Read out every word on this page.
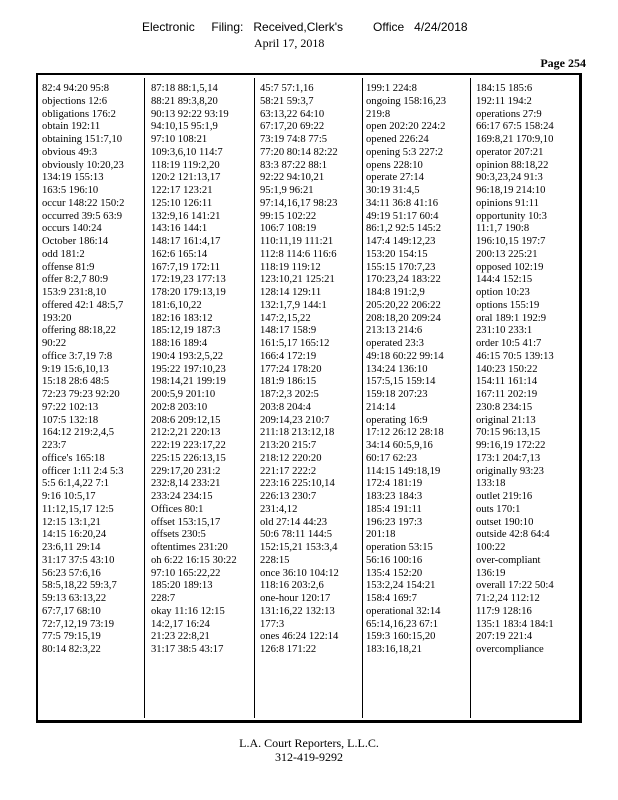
Electronic     Filing:   Received,Clerk's         Office   4/24/2018
April 17, 2018
Page 254
82:4 94:20 95:8
objections 12:6
obligations 176:2
obtain 192:11
obtaining 151:7,10
obvious 49:3
obviously 10:20,23
134:19 155:13
163:5 196:10
occur 148:22 150:2
occurred 39:5 63:9
occurs 140:24
October 186:14
odd 181:2
offense 81:9
offer 8:2,7 80:9
153:9 231:8,10
offered 42:1 48:5,7
193:20
offering 88:18,22
90:22
office 3:7,19 7:8
9:19 15:6,10,13
15:18 28:6 48:5
72:23 79:23 92:20
97:22 102:13
107:5 132:18
164:12 219:2,4,5
223:7
office's 165:18
officer 1:11 2:4 5:3
5:5 6:1,4,22 7:1
9:16 10:5,17
11:12,15,17 12:5
12:15 13:1,21
14:15 16:20,24
23:6,11 29:14
31:17 37:5 43:10
56:23 57:6,16
58:5,18,22 59:3,7
59:13 63:13,22
67:7,17 68:10
72:7,12,19 73:19
77:5 79:15,19
80:14 82:3,22
87:18 88:1,5,14
88:21 89:3,8,20
90:13 92:22 93:19
94:10,15 95:1,9
97:10 108:21
109:3,6,10 114:7
118:19 119:2,20
120:2 121:13,17
122:17 123:21
125:10 126:11
132:9,16 141:21
143:16 144:1
148:17 161:4,17
162:6 165:14
167:7,19 172:11
172:19,23 177:13
178:20 179:13,19
181:6,10,22
182:16 183:12
185:12,19 187:3
188:16 189:4
190:4 193:2,5,22
195:22 197:10,23
198:14,21 199:19
200:5,9 201:10
202:8 203:10
208:6 209:12,15
212:2,21 220:13
222:19 223:17,22
225:15 226:13,15
229:17,20 231:2
232:8,14 233:21
233:24 234:15
Offices 80:1
offset 153:15,17
offsets 230:5
oftentimes 231:20
oh 6:22 16:15 30:22
97:10 165:22,22
185:20 189:13
228:7
okay 11:16 12:15
14:2,17 16:24
21:23 22:8,21
31:17 38:5 43:17
45:7 57:1,16
58:21 59:3,7
63:13,22 64:10
67:17,20 69:22
73:19 74:8 77:5
77:20 80:14 82:22
83:3 87:22 88:1
92:22 94:10,21
95:1,9 96:21
97:14,16,17 98:23
99:15 102:22
106:7 108:19
110:11,19 111:21
112:8 114:6 116:6
118:19 119:12
123:10,21 125:21
128:14 129:11
132:1,7,9 144:1
147:2,15,22
148:17 158:9
161:5,17 165:12
166:4 172:19
177:24 178:20
181:9 186:15
187:2,3 202:5
203:8 204:4
209:14,23 210:7
211:18 213:12,18
213:20 215:7
218:12 220:20
221:17 222:2
223:16 225:10,14
226:13 230:7
231:4,12
old 27:14 44:23
50:6 78:11 144:5
152:15,21 153:3,4
228:15
once 36:10 104:12
118:16 203:2,6
one-hour 120:17
131:16,22 132:13
177:3
ones 46:24 122:14
126:8 171:22
199:1 224:8
ongoing 158:16,23
219:8
open 202:20 224:2
opened 226:24
opening 5:3 227:2
opens 228:10
operate 27:14
30:19 31:4,5
34:11 36:8 41:16
49:19 51:17 60:4
86:1,2 92:5 145:2
147:4 149:12,23
153:20 154:15
155:15 170:7,23
170:23,24 183:22
184:8 191:2,9
205:20,22 206:22
208:18,20 209:24
213:13 214:6
operated 23:3
49:18 60:22 99:14
134:24 136:10
157:5,15 159:14
159:18 207:23
214:14
operating 16:9
17:12 26:12 28:18
34:14 60:5,9,16
60:17 62:23
114:15 149:18,19
172:4 181:19
183:23 184:3
185:4 191:11
196:23 197:3
201:18
operation 53:15
56:16 100:16
135:4 152:20
153:2,24 154:21
158:4 169:7
operational 32:14
65:14,16,23 67:1
159:3 160:15,20
183:16,18,21
184:15 185:6
192:11 194:2
operations 27:9
66:17 67:5 158:24
169:8,21 170:9,10
operator 207:21
opinion 88:18,22
90:3,23,24 91:3
96:18,19 214:10
opinions 91:11
opportunity 10:3
11:1,7 190:8
196:10,15 197:7
200:13 225:21
opposed 102:19
144:4 152:15
option 10:23
options 155:19
oral 189:1 192:9
231:10 233:1
order 10:5 41:7
46:15 70:5 139:13
140:23 150:22
154:11 161:14
167:11 202:19
230:8 234:15
original 21:13
70:15 96:13,15
99:16,19 172:22
173:1 204:7,13
originally 93:23
133:18
outlet 219:16
outs 170:1
outset 190:10
outside 42:8 64:4
100:22
over-compliant
136:19
overall 17:22 50:4
71:2,24 112:12
117:9 128:16
135:1 183:4 184:1
207:19 221:4
overcompliance
L.A. Court Reporters, L.L.C.
312-419-9292
